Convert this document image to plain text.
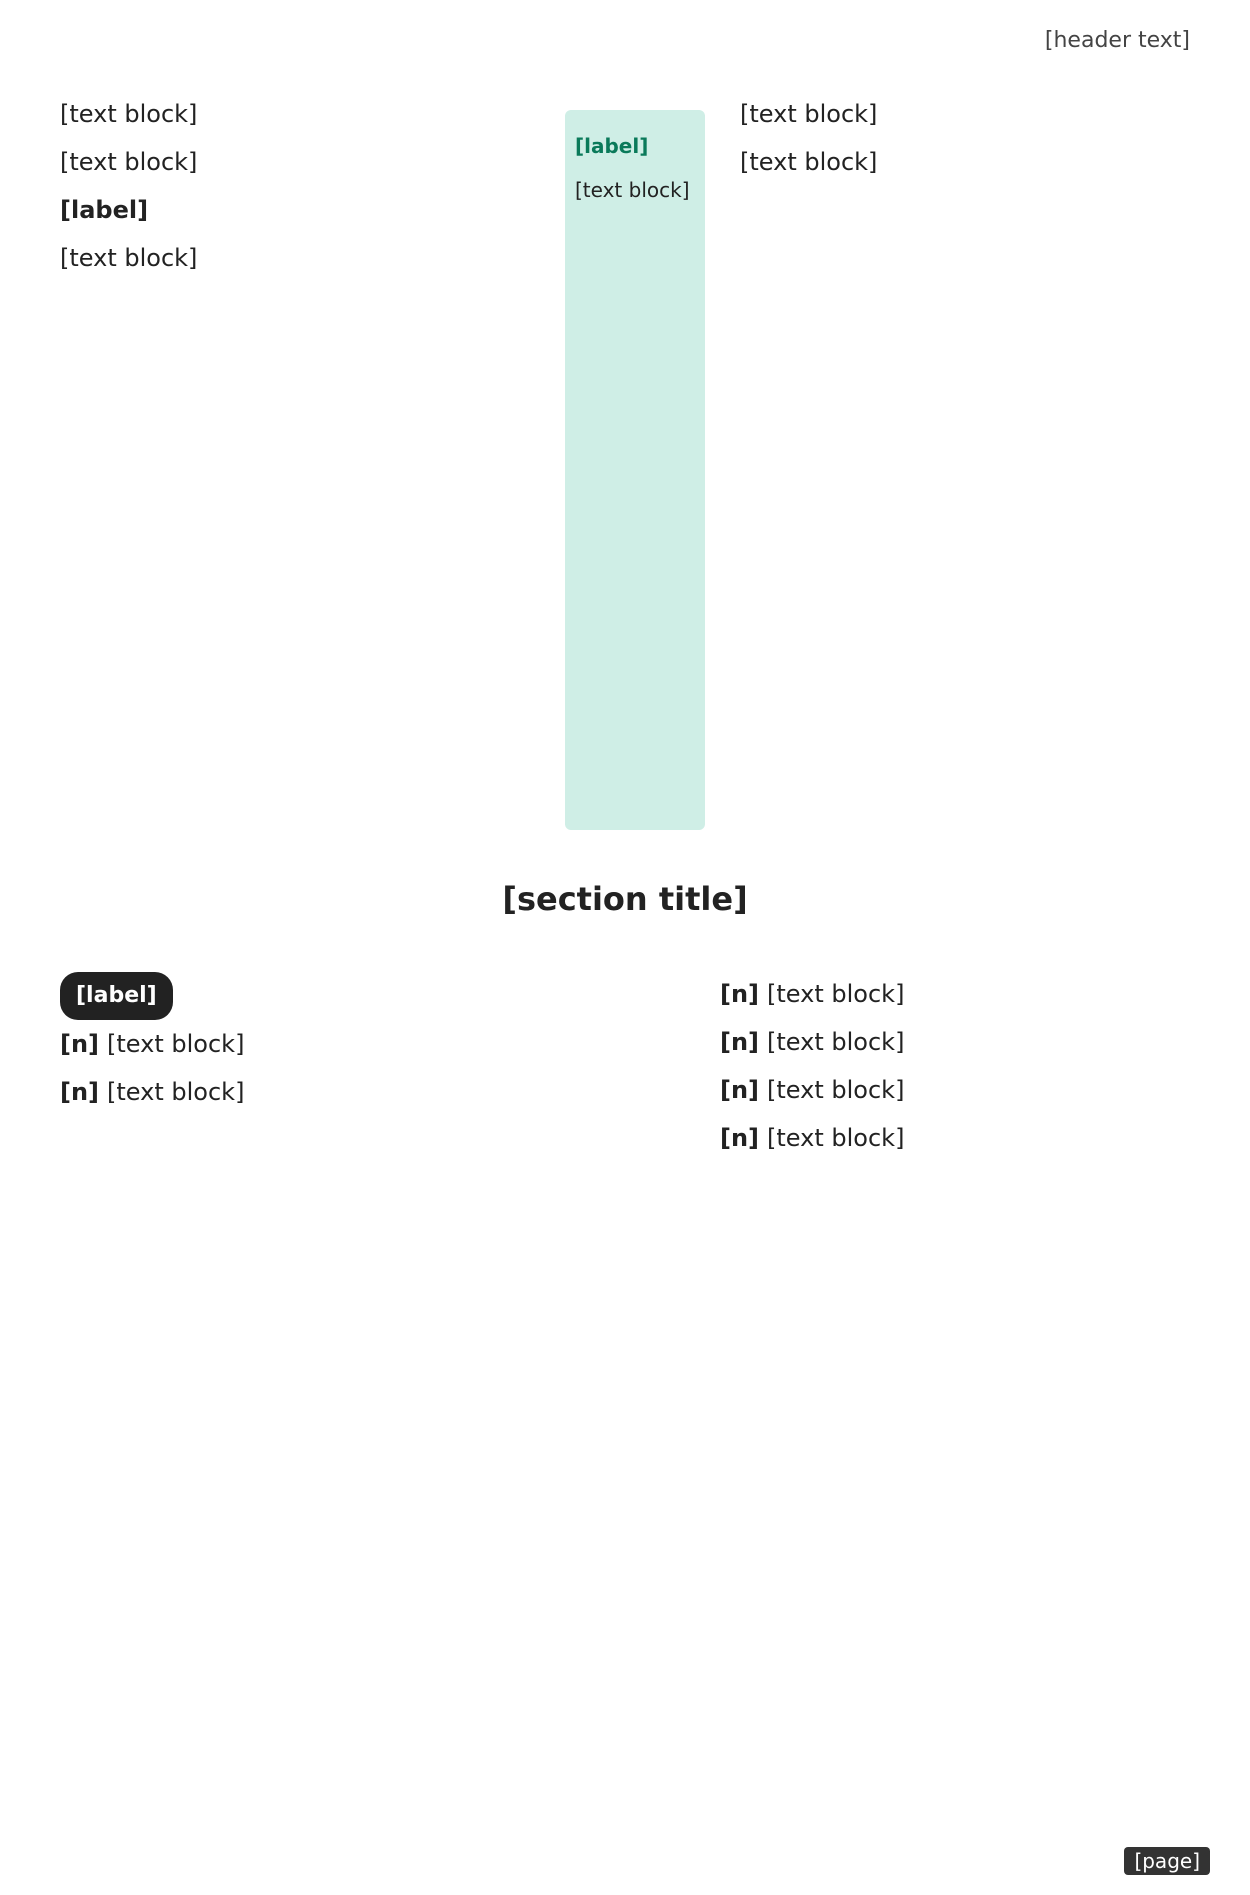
[header text]

[text block]

[text block]

[label]

[text block]

[label]
[text block]

[text block]

[text block]

[section title]

[label]

[n] [text block]

[n] [text block]

[n] [text block]

[n] [text block]

[n] [text block]

[n] [text block]

[page]
